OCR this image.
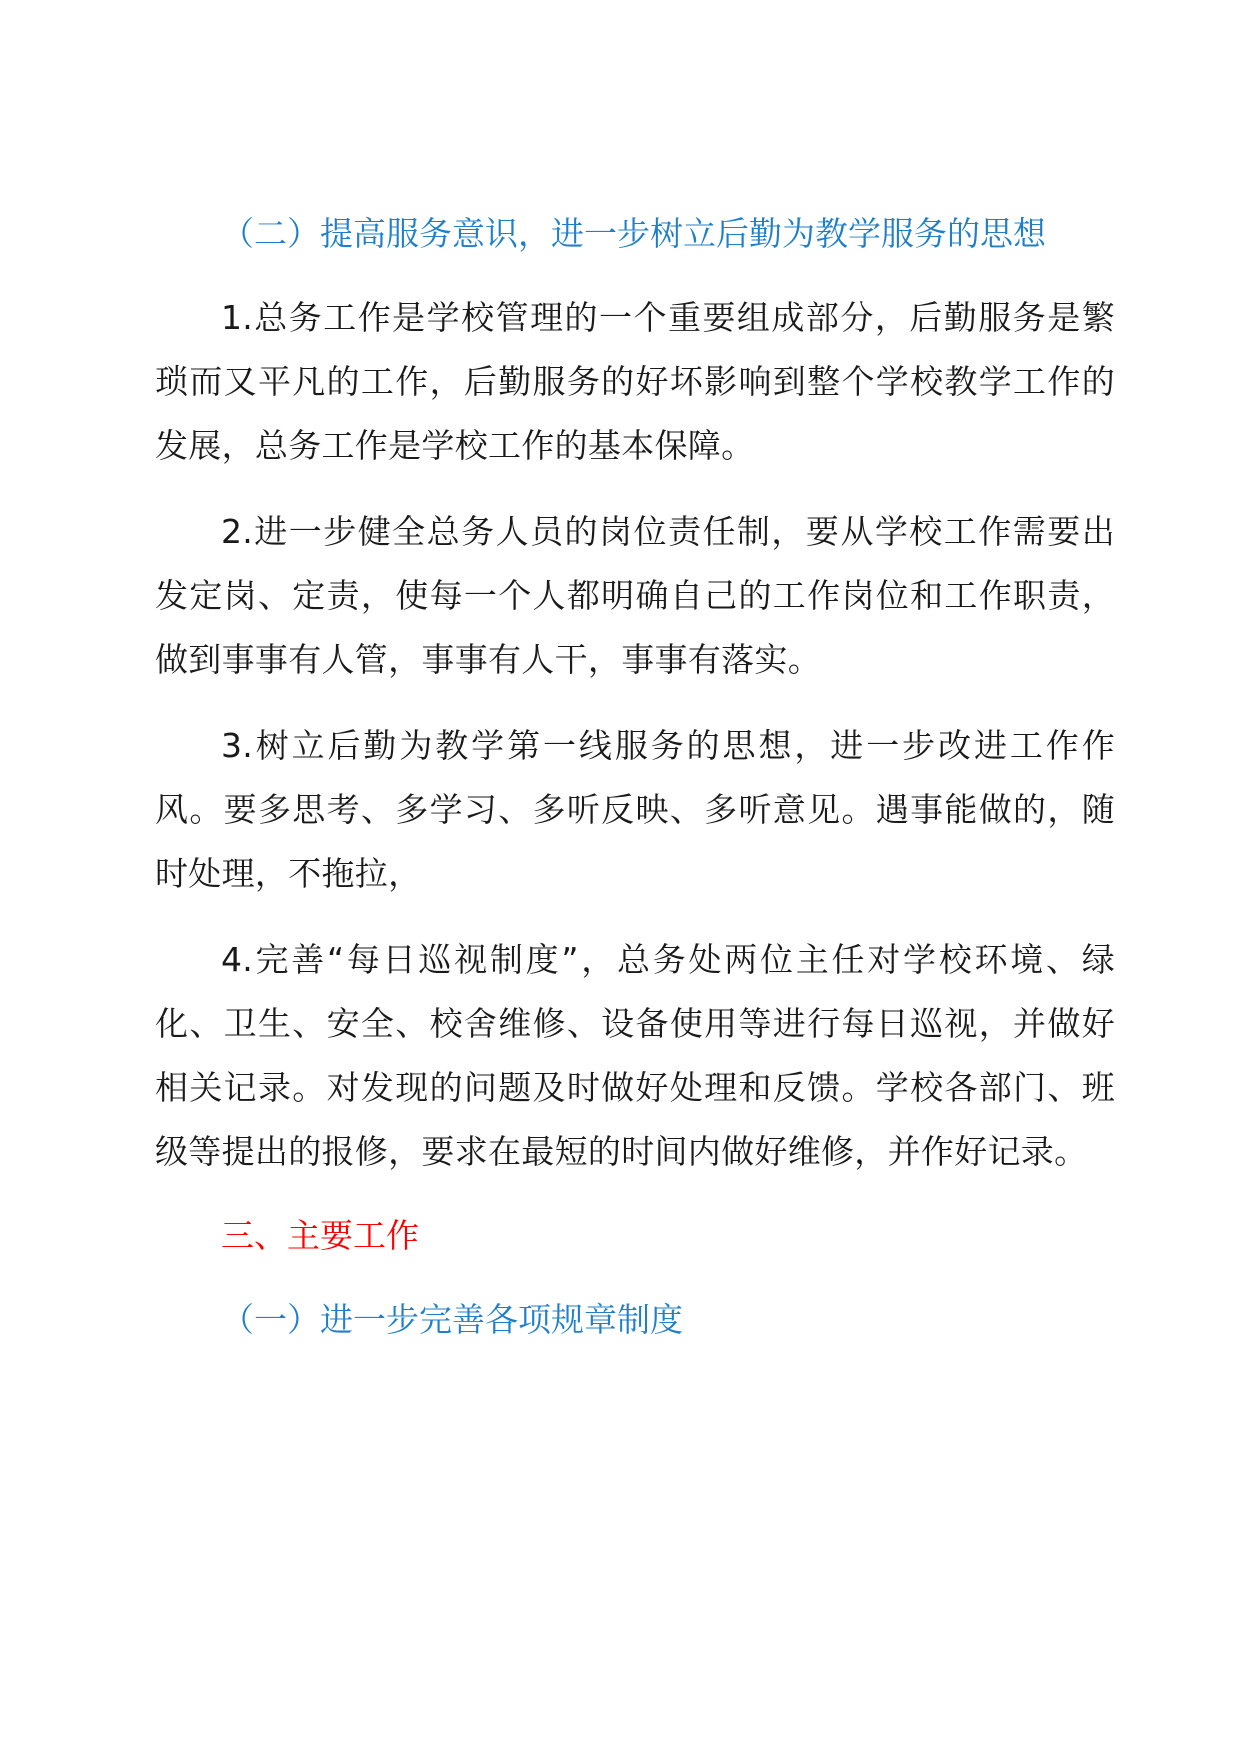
（二）提高服务意识，进一步树立后勤为教学服务的思想

1.总务工作是学校管理的一个重要组成部分，后勤服务是繁琐而又平凡的工作，后勤服务的好坏影响到整个学校教学工作的发展，总务工作是学校工作的基本保障。

2.进一步健全总务人员的岗位责任制，要从学校工作需要出发定岗、定责，使每一个人都明确自己的工作岗位和工作职责，做到事事有人管，事事有人干，事事有落实。

3.树立后勤为教学第一线服务的思想，进一步改进工作作风。要多思考、多学习、多听反映、多听意见。遇事能做的，随时处理，不拖拉，

4.完善“每日巡视制度”，总务处两位主任对学校环境、绿化、卫生、安全、校舍维修、设备使用等进行每日巡视，并做好相关记录。对发现的问题及时做好处理和反馈。学校各部门、班级等提出的报修，要求在最短的时间内做好维修，并作好记录。

三、主要工作

（一）进一步完善各项规章制度
